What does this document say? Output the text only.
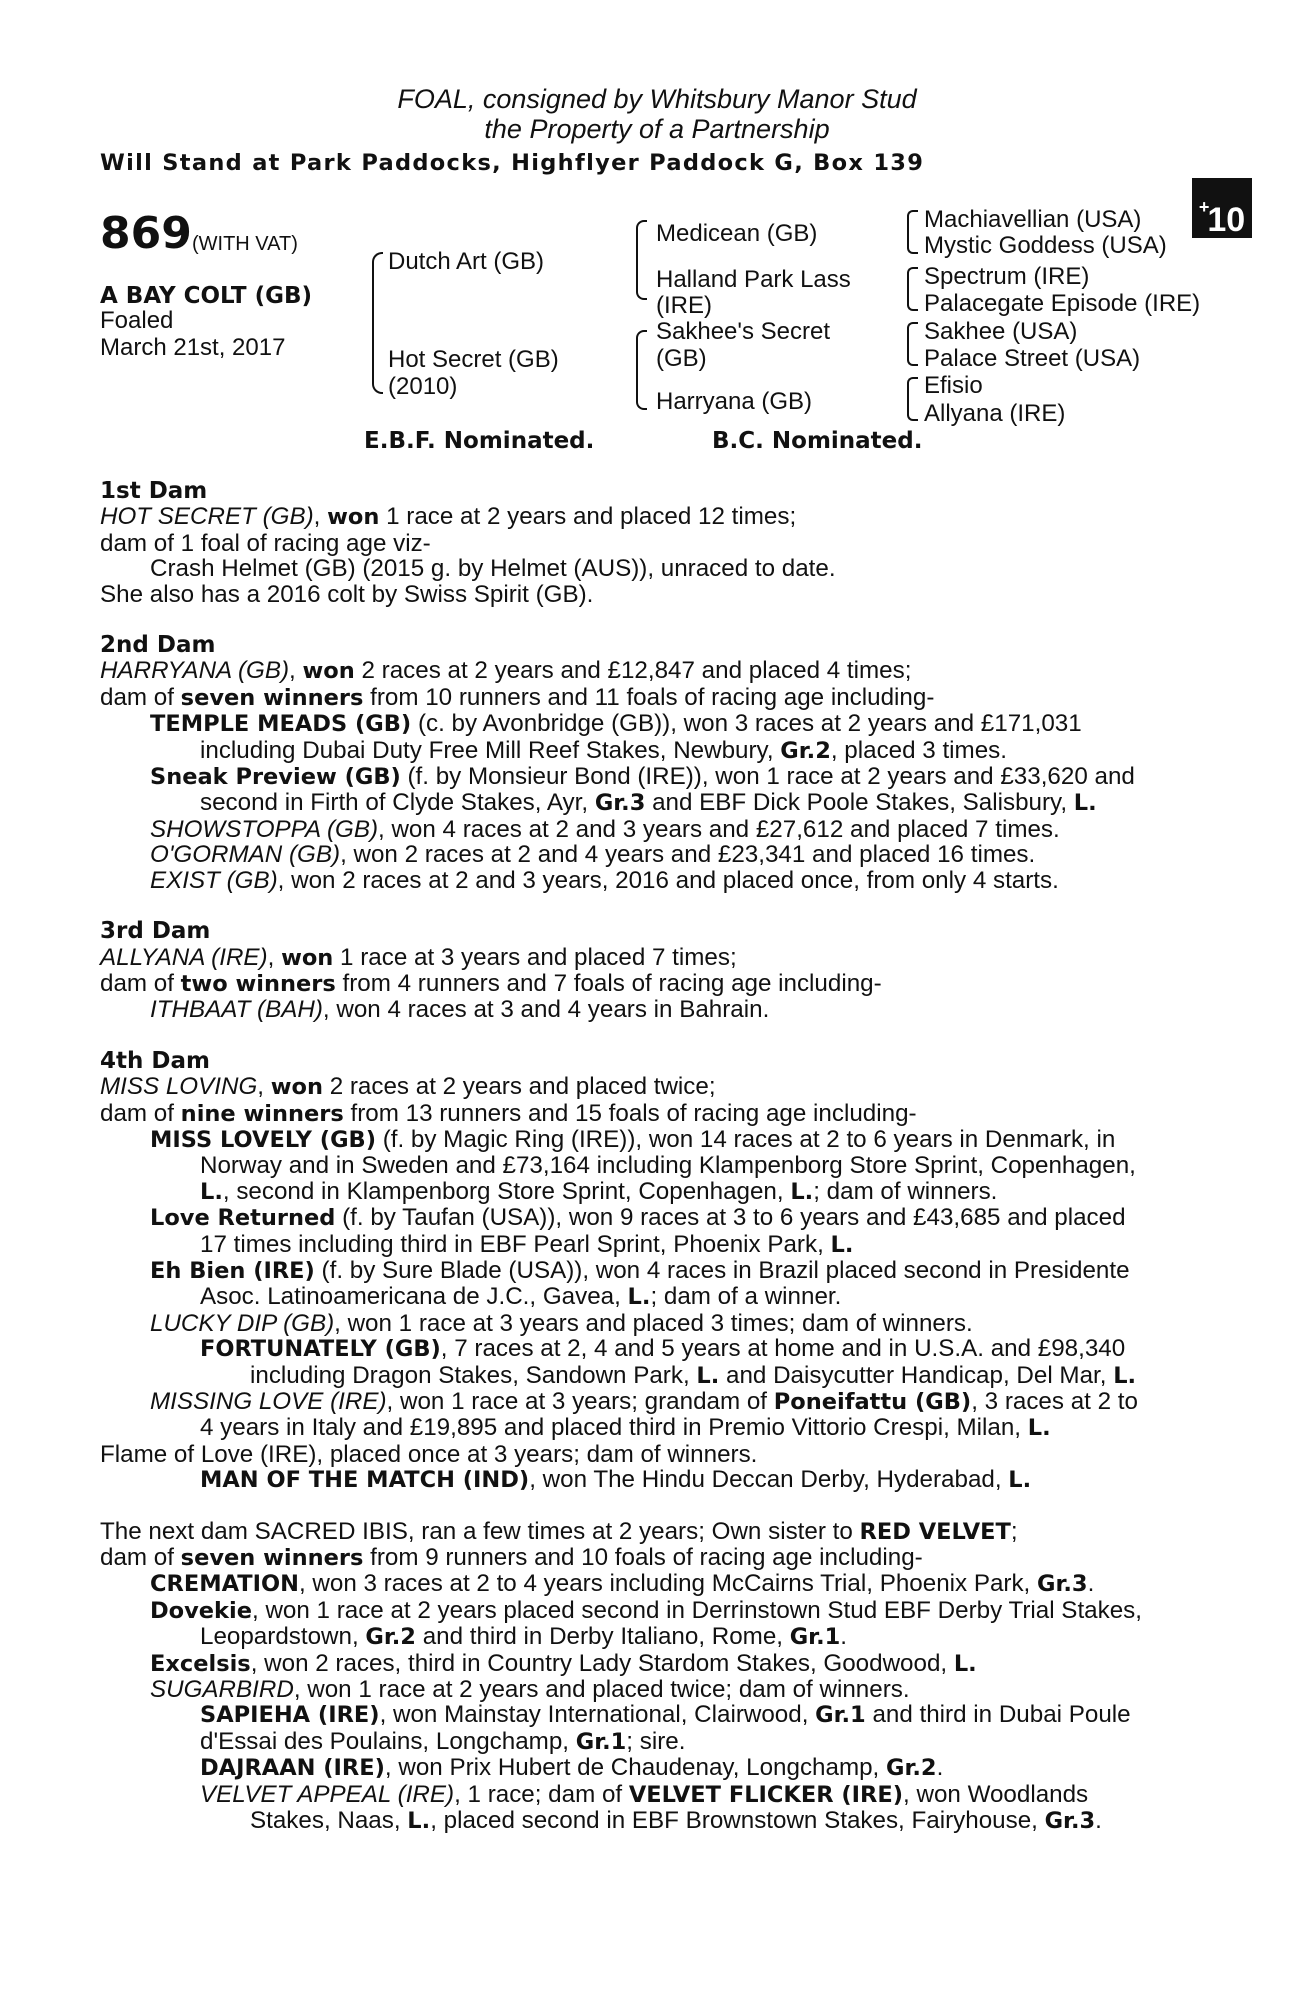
FOAL, consigned by Whitsbury Manor Stud
the Property of a Partnership
Will Stand at Park Paddocks, Highflyer Paddock G, Box 139
+10
869 (WITH VAT)
A BAY COLT (GB)
Foaled
March 21st, 2017
Dutch Art (GB)
Hot Secret (GB)
(2010)
Medicean (GB)
Halland Park Lass
(IRE)
Sakhee's Secret
(GB)
Harryana (GB)
Machiavellian (USA)
Mystic Goddess (USA)
Spectrum (IRE)
Palacegate Episode (IRE)
Sakhee (USA)
Palace Street (USA)
Efisio
Allyana (IRE)
E.B.F. Nominated.	B.C. Nominated.

1st Dam

HOT SECRET (GB), won 1 race at 2 years and placed 12 times;

dam of 1 foal of racing age viz-

Crash Helmet (GB) (2015 g. by Helmet (AUS)), unraced to date.

She also has a 2016 colt by Swiss Spirit (GB).

2nd Dam

HARRYANA (GB), won 2 races at 2 years and £12,847 and placed 4 times;

dam of seven winners from 10 runners and 11 foals of racing age including-

TEMPLE MEADS (GB) (c. by Avonbridge (GB)), won 3 races at 2 years and £171,031

including Dubai Duty Free Mill Reef Stakes, Newbury, Gr.2, placed 3 times.

Sneak Preview (GB) (f. by Monsieur Bond (IRE)), won 1 race at 2 years and £33,620 and

second in Firth of Clyde Stakes, Ayr, Gr.3 and EBF Dick Poole Stakes, Salisbury, L.

SHOWSTOPPA (GB), won 4 races at 2 and 3 years and £27,612 and placed 7 times.

O'GORMAN (GB), won 2 races at 2 and 4 years and £23,341 and placed 16 times.

EXIST (GB), won 2 races at 2 and 3 years, 2016 and placed once, from only 4 starts.

3rd Dam

ALLYANA (IRE), won 1 race at 3 years and placed 7 times;

dam of two winners from 4 runners and 7 foals of racing age including-

ITHBAAT (BAH), won 4 races at 3 and 4 years in Bahrain.

4th Dam

MISS LOVING, won 2 races at 2 years and placed twice;

dam of nine winners from 13 runners and 15 foals of racing age including-

MISS LOVELY (GB) (f. by Magic Ring (IRE)), won 14 races at 2 to 6 years in Denmark, in

Norway and in Sweden and £73,164 including Klampenborg Store Sprint, Copenhagen,

L., second in Klampenborg Store Sprint, Copenhagen, L.; dam of winners.

Love Returned (f. by Taufan (USA)), won 9 races at 3 to 6 years and £43,685 and placed

17 times including third in EBF Pearl Sprint, Phoenix Park, L.

Eh Bien (IRE) (f. by Sure Blade (USA)), won 4 races in Brazil placed second in Presidente

Asoc. Latinoamericana de J.C., Gavea, L.; dam of a winner.

LUCKY DIP (GB), won 1 race at 3 years and placed 3 times; dam of winners.

FORTUNATELY (GB), 7 races at 2, 4 and 5 years at home and in U.S.A. and £98,340

including Dragon Stakes, Sandown Park, L. and Daisycutter Handicap, Del Mar, L.

MISSING LOVE (IRE), won 1 race at 3 years; grandam of Poneifattu (GB), 3 races at 2 to

4 years in Italy and £19,895 and placed third in Premio Vittorio Crespi, Milan, L.

Flame of Love (IRE), placed once at 3 years; dam of winners.

MAN OF THE MATCH (IND), won The Hindu Deccan Derby, Hyderabad, L.

The next dam SACRED IBIS, ran a few times at 2 years; Own sister to RED VELVET;

dam of seven winners from 9 runners and 10 foals of racing age including-

CREMATION, won 3 races at 2 to 4 years including McCairns Trial, Phoenix Park, Gr.3.

Dovekie, won 1 race at 2 years placed second in Derrinstown Stud EBF Derby Trial Stakes,

Leopardstown, Gr.2 and third in Derby Italiano, Rome, Gr.1.

Excelsis, won 2 races, third in Country Lady Stardom Stakes, Goodwood, L.

SUGARBIRD, won 1 race at 2 years and placed twice; dam of winners.

SAPIEHA (IRE), won Mainstay International, Clairwood, Gr.1 and third in Dubai Poule

d'Essai des Poulains, Longchamp, Gr.1; sire.

DAJRAAN (IRE), won Prix Hubert de Chaudenay, Longchamp, Gr.2.

VELVET APPEAL (IRE), 1 race; dam of VELVET FLICKER (IRE), won Woodlands

Stakes, Naas, L., placed second in EBF Brownstown Stakes, Fairyhouse, Gr.3.
